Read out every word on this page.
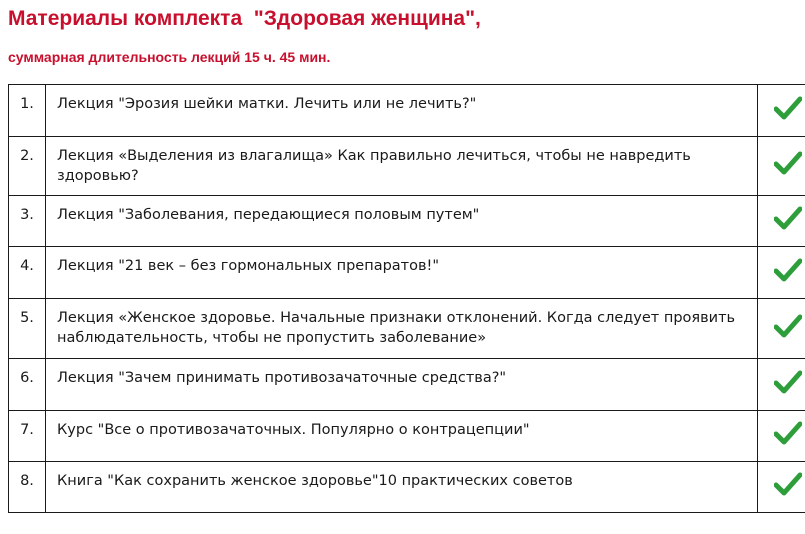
Материалы комплекта  "Здоровая женщина",

суммарная длительность лекций 15 ч. 45 мин.

1.	Лекция "Эрозия шейки матки. Лечить или не лечить?"	
2.	Лекция «Выделения из влагалища» Как правильно лечиться, чтобы не навредить здоровью?	
3.	Лекция "Заболевания, передающиеся половым путем"	
4.	Лекция "21 век – без гормональных препаратов!"	
5.	Лекция «Женское здоровье. Начальные признаки отклонений. Когда следует проявить наблюдательность, чтобы не пропустить заболевание»	
6.	Лекция "Зачем принимать противозачаточные средства?"	
7.	Курс "Все о противозачаточных. Популярно о контрацепции"	
8.	Книга "Как сохранить женское здоровье"10 практических советов	
